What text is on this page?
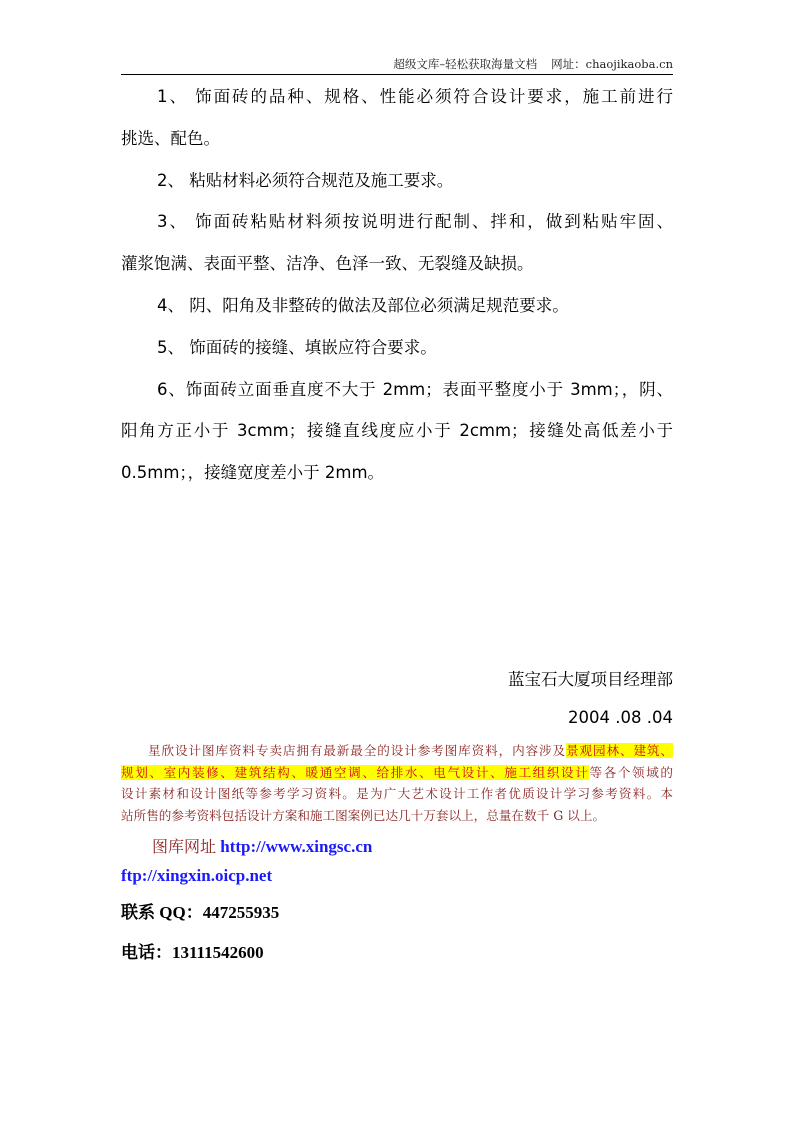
超级文库–轻松获取海量文档 网址：chaojikaoba.cn
1、 饰面砖的品种、规格、性能必须符合设计要求，施工前进行
挑选、配色。
2、 粘贴材料必须符合规范及施工要求。
3、 饰面砖粘贴材料须按说明进行配制、拌和，做到粘贴牢固、
灌浆饱满、表面平整、洁净、色泽一致、无裂缝及缺损。
4、 阴、阳角及非整砖的做法及部位必须满足规范要求。
5、 饰面砖的接缝、填嵌应符合要求。
6、饰面砖立面垂直度不大于 2mm；表面平整度小于 3mm；，阴、
阳角方正小于 3cmm；接缝直线度应小于 2cmm；接缝处高低差小于
0.5mm；，接缝宽度差小于 2mm。
蓝宝石大厦项目经理部
2004 .08 .04
星欣设计图库资料专卖店拥有最新最全的设计参考图库资料，内容涉及景观园林、建筑、
规划、室内装修、建筑结构、暖通空调、给排水、电气设计、施工组织设计等各个领域的
设计素材和设计图纸等参考学习资料。是为广大艺术设计工作者优质设计学习参考资料。本
站所售的参考资料包括设计方案和施工图案例已达几十万套以上，总量在数千 G 以上。
图库网址 http://www.xingsc.cn
ftp://xingxin.oicp.net
联系 QQ：447255935
电话：13111542600
